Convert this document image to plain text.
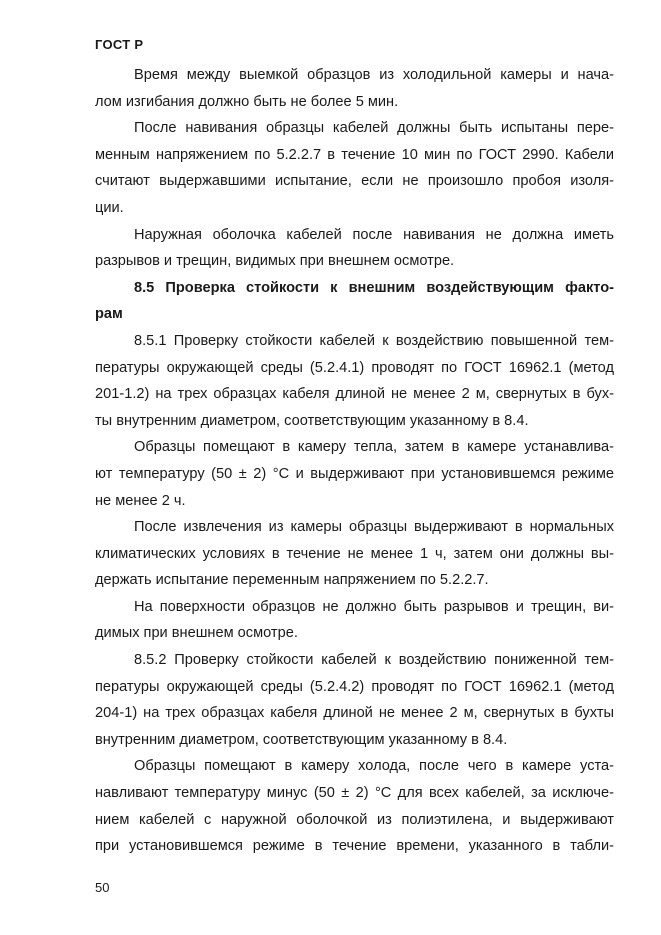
ГОСТ Р

Время между выемкой образцов из холодильной камеры и нача-
лом изгибания должно быть не более 5 мин.

После навивания образцы кабелей должны быть испытаны пере-
менным напряжением по 5.2.2.7 в течение 10 мин по ГОСТ 2990. Кабели
считают выдержавшими испытание, если не произошло пробоя изоля-
ции.

Наружная оболочка кабелей после навивания не должна иметь
разрывов и трещин, видимых при внешнем осмотре.

8.5 Проверка стойкости к внешним воздействующим факто-
рам

8.5.1 Проверку стойкости кабелей к воздействию повышенной тем-
пературы окружающей среды (5.2.4.1) проводят по ГОСТ 16962.1 (метод
201-1.2) на трех образцах кабеля длиной не менее 2 м, свернутых в бух-
ты внутренним диаметром, соответствующим указанному в 8.4.

Образцы помещают в камеру тепла, затем в камере устанавлива-
ют температуру (50 ± 2) °С и выдерживают при установившемся режиме
не менее 2 ч.

После извлечения из камеры образцы выдерживают в нормальных
климатических условиях в течение не менее 1 ч, затем они должны вы-
держать испытание переменным напряжением по 5.2.2.7.

На поверхности образцов не должно быть разрывов и трещин, ви-
димых при внешнем осмотре.

8.5.2 Проверку стойкости кабелей к воздействию пониженной тем-
пературы окружающей среды (5.2.4.2) проводят по ГОСТ 16962.1 (метод
204-1) на трех образцах кабеля длиной не менее 2 м, свернутых в бухты
внутренним диаметром, соответствующим указанному в 8.4.

Образцы помещают в камеру холода, после чего в камере уста-
навливают температуру минус (50 ± 2) °С для всех кабелей, за исключе-
нием кабелей с наружной оболочкой из полиэтилена, и выдерживают
при установившемся режиме в течение времени, указанного в табли-

50
